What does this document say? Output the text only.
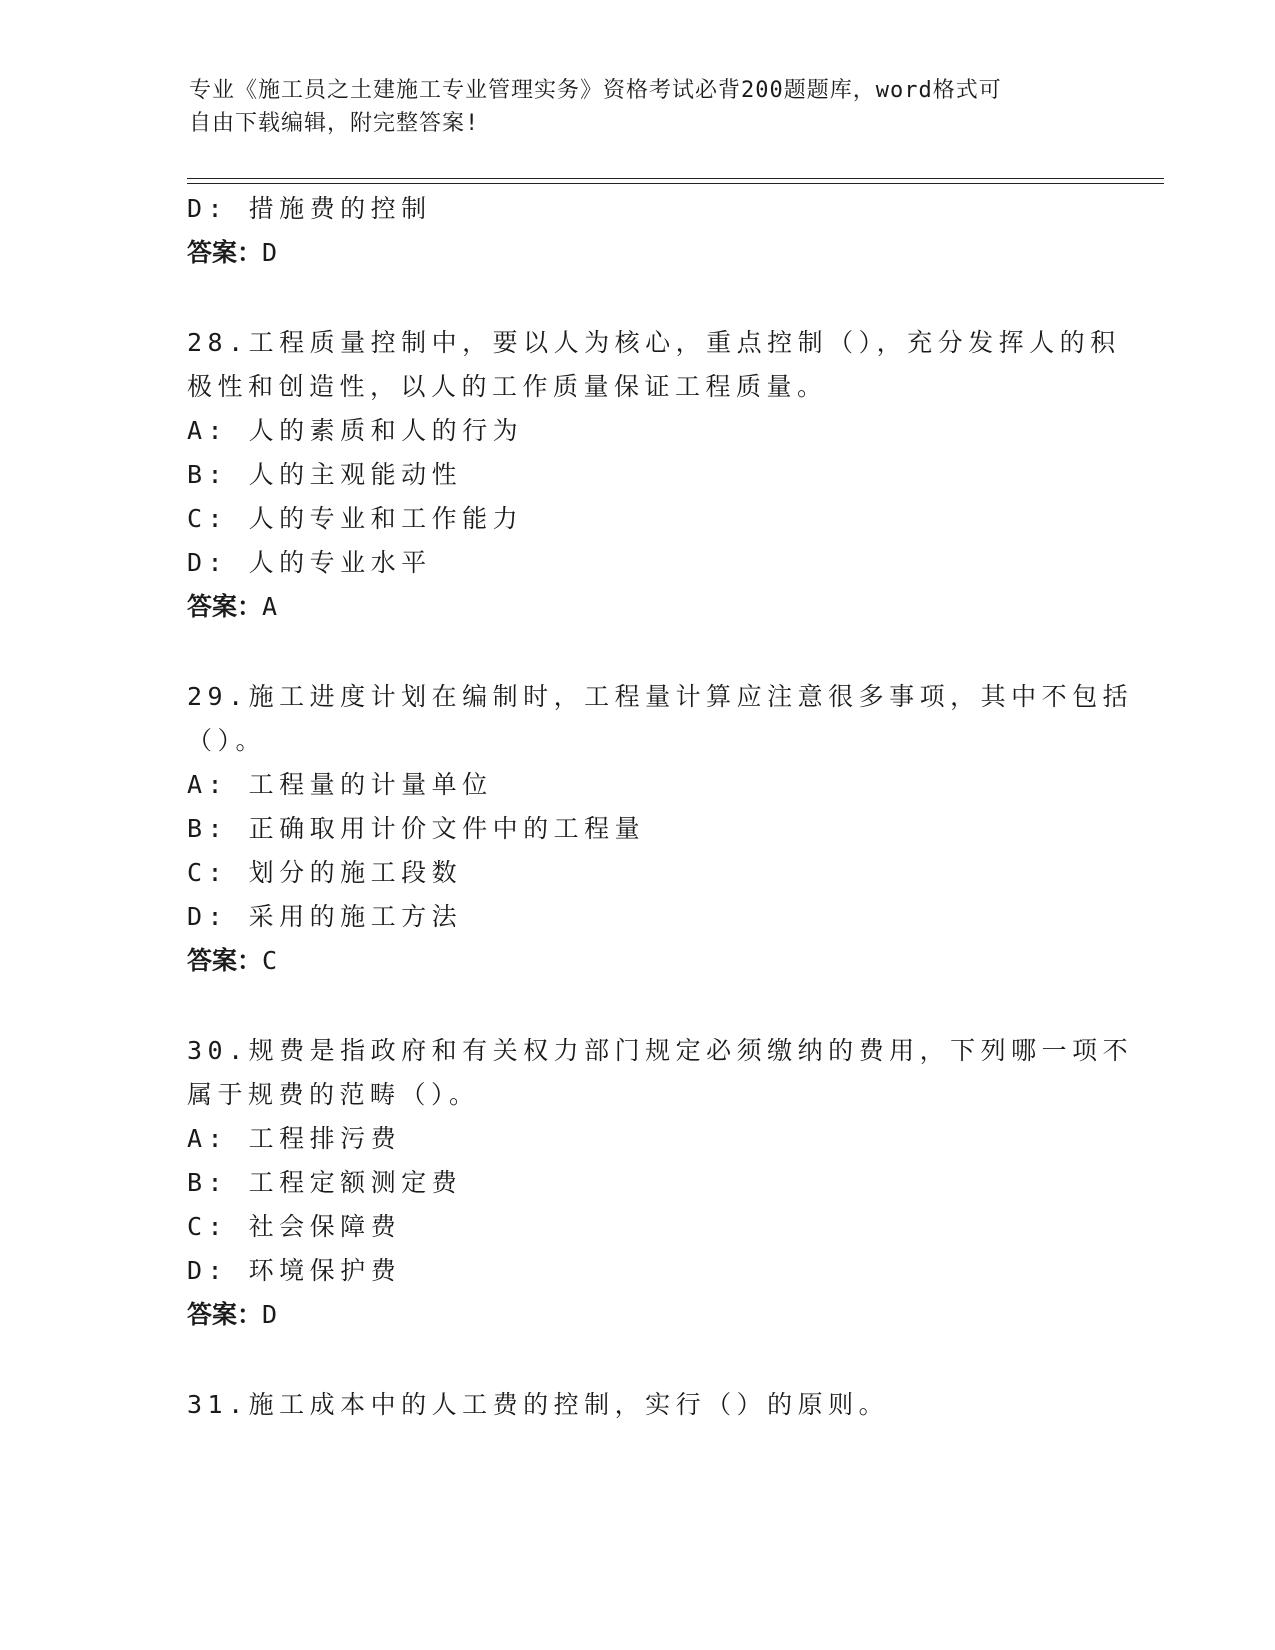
专业《施工员之土建施工专业管理实务》资格考试必背200题题库，word格式可
自由下载编辑，附完整答案!
D: 措施费的控制
答案：D
28.工程质量控制中，要以人为核心，重点控制（），充分发挥人的积
极性和创造性，以人的工作质量保证工程质量。
A: 人的素质和人的行为
B: 人的主观能动性
C: 人的专业和工作能力
D: 人的专业水平
答案：A
29.施工进度计划在编制时，工程量计算应注意很多事项，其中不包括
（）。
A: 工程量的计量单位
B: 正确取用计价文件中的工程量
C: 划分的施工段数
D: 采用的施工方法
答案：C
30.规费是指政府和有关权力部门规定必须缴纳的费用，下列哪一项不
属于规费的范畴（）。
A: 工程排污费
B: 工程定额测定费
C: 社会保障费
D: 环境保护费
答案：D
31.施工成本中的人工费的控制，实行（）的原则。
